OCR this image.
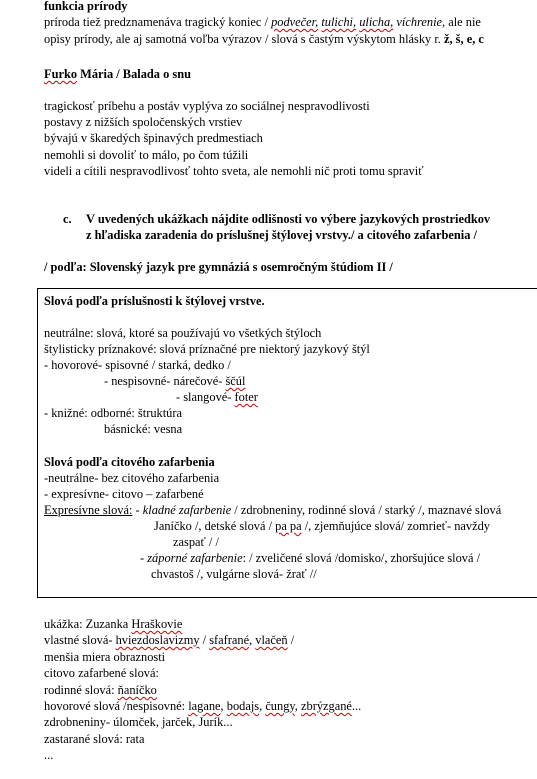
funkcia prírody
príroda tiež predznamenáva tragický koniec / podvečer, tulichi, ulicha, víchrenie, ale nie
opisy prírody, ale aj samotná voľba výrazov / slová s častým výskytom hlásky r. ž, š, e, c
Furko Mária / Balada o snu
tragickosť príbehu a postáv vyplýva zo sociálnej nespravodlivosti
postavy z nižších spoločenských vrstiev
bývajú v škaredých špinavých predmestiach
nemohli si dovoliť to málo, po čom túžili
videli a cítili nespravodlivosť tohto sveta, ale nemohli nič proti tomu spraviť
c. V uvedených ukážkach nájdite odlišnosti vo výbere jazykových prostriedkov
z hľadiska zaradenia do príslušnej štýlovej vrstvy./ a citového zafarbenia /
/ podľa: Slovenský jazyk pre gymnáziá s osemročným štúdiom II /
Slová podľa príslušnosti k štýlovej vrstve.
neutrálne: slová, ktoré sa používajú vo všetkých štýloch
štylisticky príznakové: slová príznačné pre niektorý jazykový štýl
- hovorové- spisovné / starká, dedko /
- nespisovné- nárečové- ščúl
- slangové- foter
- knižné: odborné: štruktúra
básnické: vesna
Slová podľa citového zafarbenia
-neutrálne- bez citového zafarbenia
- expresívne- citovo – zafarbené
Expresívne slová: - kladné zafarbenie / zdrobneniny, rodinné slová / starký /, maznavé slová
Janíčko /, detské slová / pa pa /, zjemňujúce slová/ zomrieť- navždy
zaspať / /
- záporné zafarbenie: / zveličené slová /domisko/, zhoršujúce slová /
chvastoš /, vulgárne slová- žrať //
ukážka: Zuzanka Hraškovie
vlastné slová- hviezdoslavizmy / sfafrané, vlačeň /
menšia miera obraznosti
citovo zafarbené slová:
rodinné slová: ňaníčko
hovorové slová /nespisovné: lagane, bodajs, čungy, zbrýzgané...
zdrobneniny- úlomček, jarček, Jurík...
zastarané slová: rata
...
